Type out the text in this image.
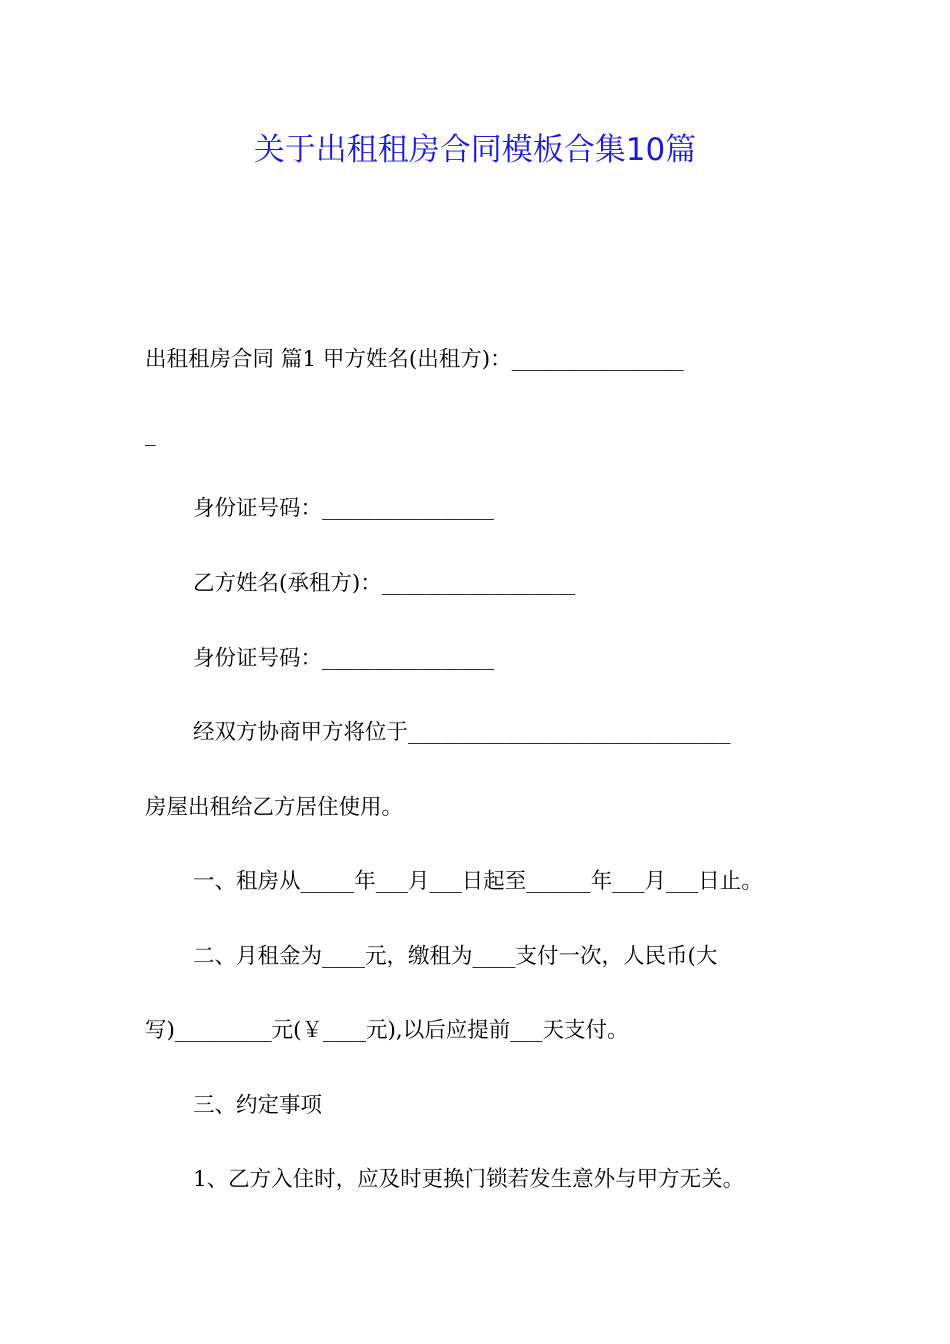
关于出租租房合同模板合集10篇
出租租房合同 篇1 甲方姓名(出租方)：________________
_
身份证号码：________________
乙方姓名(承租方)：__________________
身份证号码：________________
经双方协商甲方将位于______________________________
房屋出租给乙方居住使用。
一、租房从_____年___月___日起至______年___月___日止。
二、月租金为____元，缴租为____支付一次，人民币(大
写)_________元(￥____元),以后应提前___天支付。
三、约定事项
1、乙方入住时，应及时更换门锁若发生意外与甲方无关。
